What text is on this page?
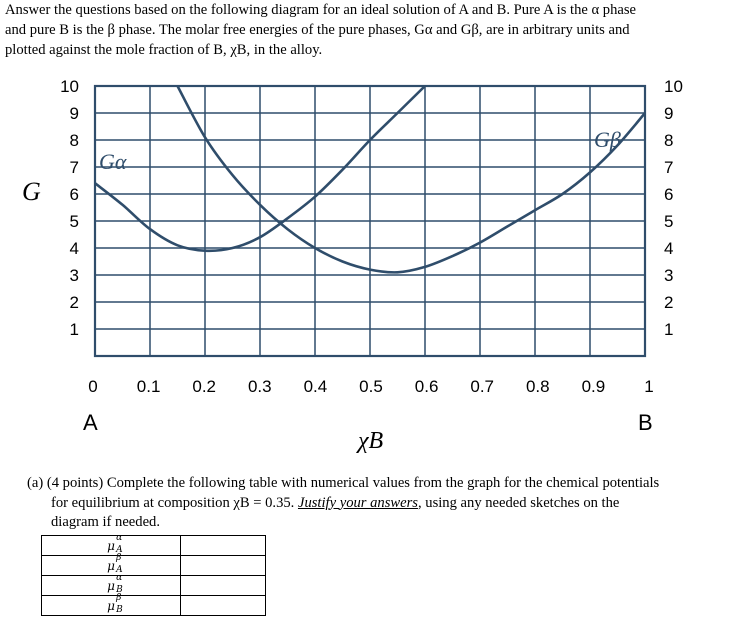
Answer the questions based on the following diagram for an ideal solution of A and B. Pure A is the α phase
and pure B is the β phase. The molar free energies of the pure phases, Gα and Gβ, are in arbitrary units and
plotted against the mole fraction of B, χB, in the alloy.
10
9
8
7
6
5
4
3
2
1
10
9
8
7
6
5
4
3
2
1
0 0.1 0.2 0.3 0.4 0.5 0.6 0.7 0.8 0.9 1
G
χB
Gα
Gβ
A	B
(a) (4 points) Complete the following table with numerical values from the graph for the chemical potentials
for equilibrium at composition χB = 0.35. Justify your answers, using any needed sketches on the
diagram if needed.
μ
α
A	

μ
β
A	

μ
α
B	

μ
β
B	
